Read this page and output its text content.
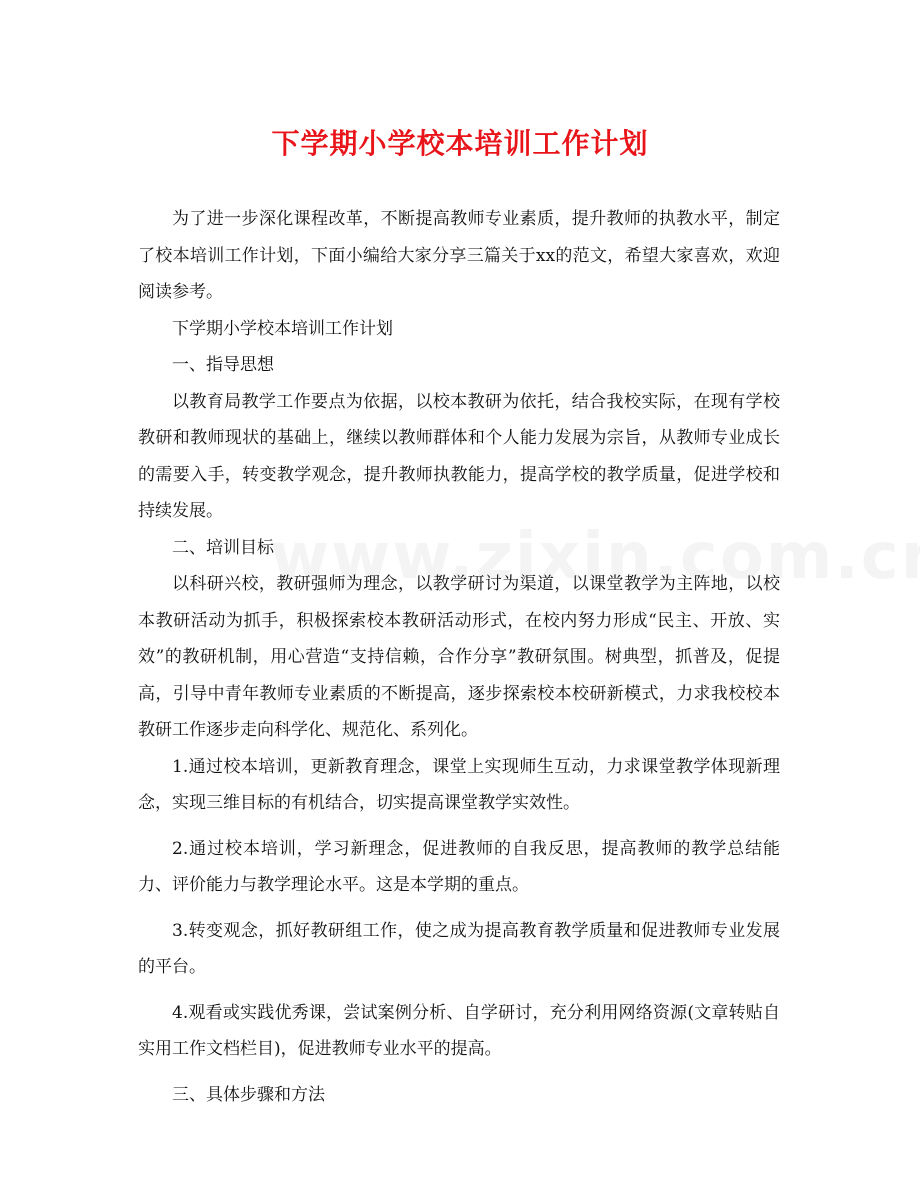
下学期小学校本培训工作计划

为了进一步深化课程改革，不断提高教师专业素质，提升教师的执教水平，制定了校本培训工作计划，下面小编给大家分享三篇关于xx的范文，希望大家喜欢，欢迎阅读参考。

下学期小学校本培训工作计划

一、指导思想

以教育局教学工作要点为依据，以校本教研为依托，结合我校实际，在现有学校教研和教师现状的基础上，继续以教师群体和个人能力发展为宗旨，从教师专业成长的需要入手，转变教学观念，提升教师执教能力，提高学校的教学质量，促进学校和持续发展。

二、培训目标

以科研兴校，教研强师为理念，以教学研讨为渠道，以课堂教学为主阵地，以校本教研活动为抓手，积极探索校本教研活动形式，在校内努力形成“民主、开放、实效”的教研机制，用心营造“支持信赖，合作分享”教研氛围。树典型，抓普及，促提高，引导中青年教师专业素质的不断提高，逐步探索校本校研新模式，力求我校校本教研工作逐步走向科学化、规范化、系列化。

1.通过校本培训，更新教育理念，课堂上实现师生互动，力求课堂教学体现新理念，实现三维目标的有机结合，切实提高课堂教学实效性。

2.通过校本培训，学习新理念，促进教师的自我反思，提高教师的教学总结能力、评价能力与教学理论水平。这是本学期的重点。

3.转变观念，抓好教研组工作，使之成为提高教育教学质量和促进教师专业发展的平台。

4.观看或实践优秀课，尝试案例分析、自学研讨，充分利用网络资源(文章转贴自实用工作文档栏目)，促进教师专业水平的提高。

三、具体步骤和方法
